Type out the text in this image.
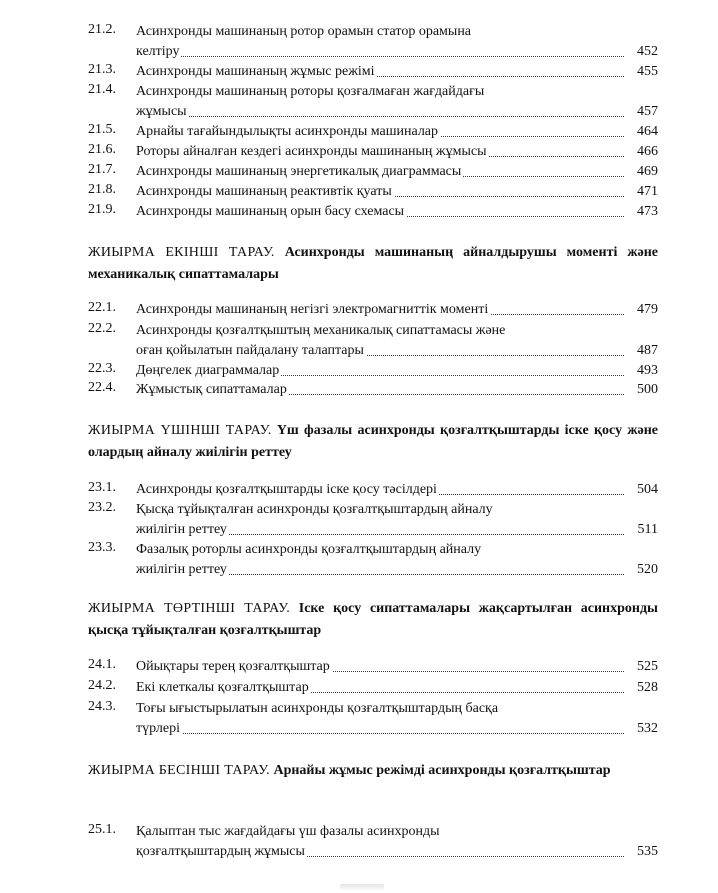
21.2.	Асинхронды машинаның ротор орамын статор орамына
келтіру	452
21.3.	Асинхронды машинаның жұмыс режімі	455
21.4.	Асинхронды машинаның роторы қозғалмаған жағдайдағы
жұмысы	457
21.5.	Арнайы тағайындылықты асинхронды машиналар	464
21.6.	Роторы айналған кездегі асинхронды машинаның жұмысы	466
21.7.	Асинхронды машинаның энергетикалық диаграммасы	469
21.8.	Асинхронды машинаның реактивтік қуаты	471
21.9.	Асинхронды машинаның орын басу схемасы	473
ЖИЫРМА ЕКІНШІ ТАРАУ. Асинхронды машинаның айналдырушы моменті және механикалық сипаттамалары
22.1.	Асинхронды машинаның негізгі электромагниттік моменті	479
22.2.	Асинхронды қозғалтқыштың механикалық сипаттамасы және
оған қойылатын пайдалану талаптары	487
22.3.	Дөңгелек диаграммалар	493
22.4.	Жұмыстық сипаттамалар	500
ЖИЫРМА ҮШІНШІ ТАРАУ. Үш фазалы асинхронды қозғалтқыштарды іске қосу және олардың айналу жиілігін реттеу
23.1.	Асинхронды қозғалтқыштарды іске қосу тәсілдері	504
23.2.	Қысқа тұйықталған асинхронды қозғалтқыштардың айналу
жиілігін реттеу	511
23.3.	Фазалық роторлы асинхронды қозғалтқыштардың айналу
жиілігін реттеу	520
ЖИЫРМА ТӨРТІНШІ ТАРАУ. Іске қосу сипаттамалары жақсартылған асинхронды қысқа тұйықталған қозғалтқыштар
24.1.	Ойықтары терең қозғалтқыштар	525
24.2.	Екі клеткалы қозғалтқыштар	528
24.3.	Тоғы ығыстырылатын асинхронды қозғалтқыштардың басқа
түрлері	532
ЖИЫРМА БЕСІНШІ ТАРАУ. Арнайы жұмыс режімді асинхронды қозғалтқыштар
25.1.	Қалыптан тыс жағдайдағы үш фазалы асинхронды
қозғалтқыштардың жұмысы	535
